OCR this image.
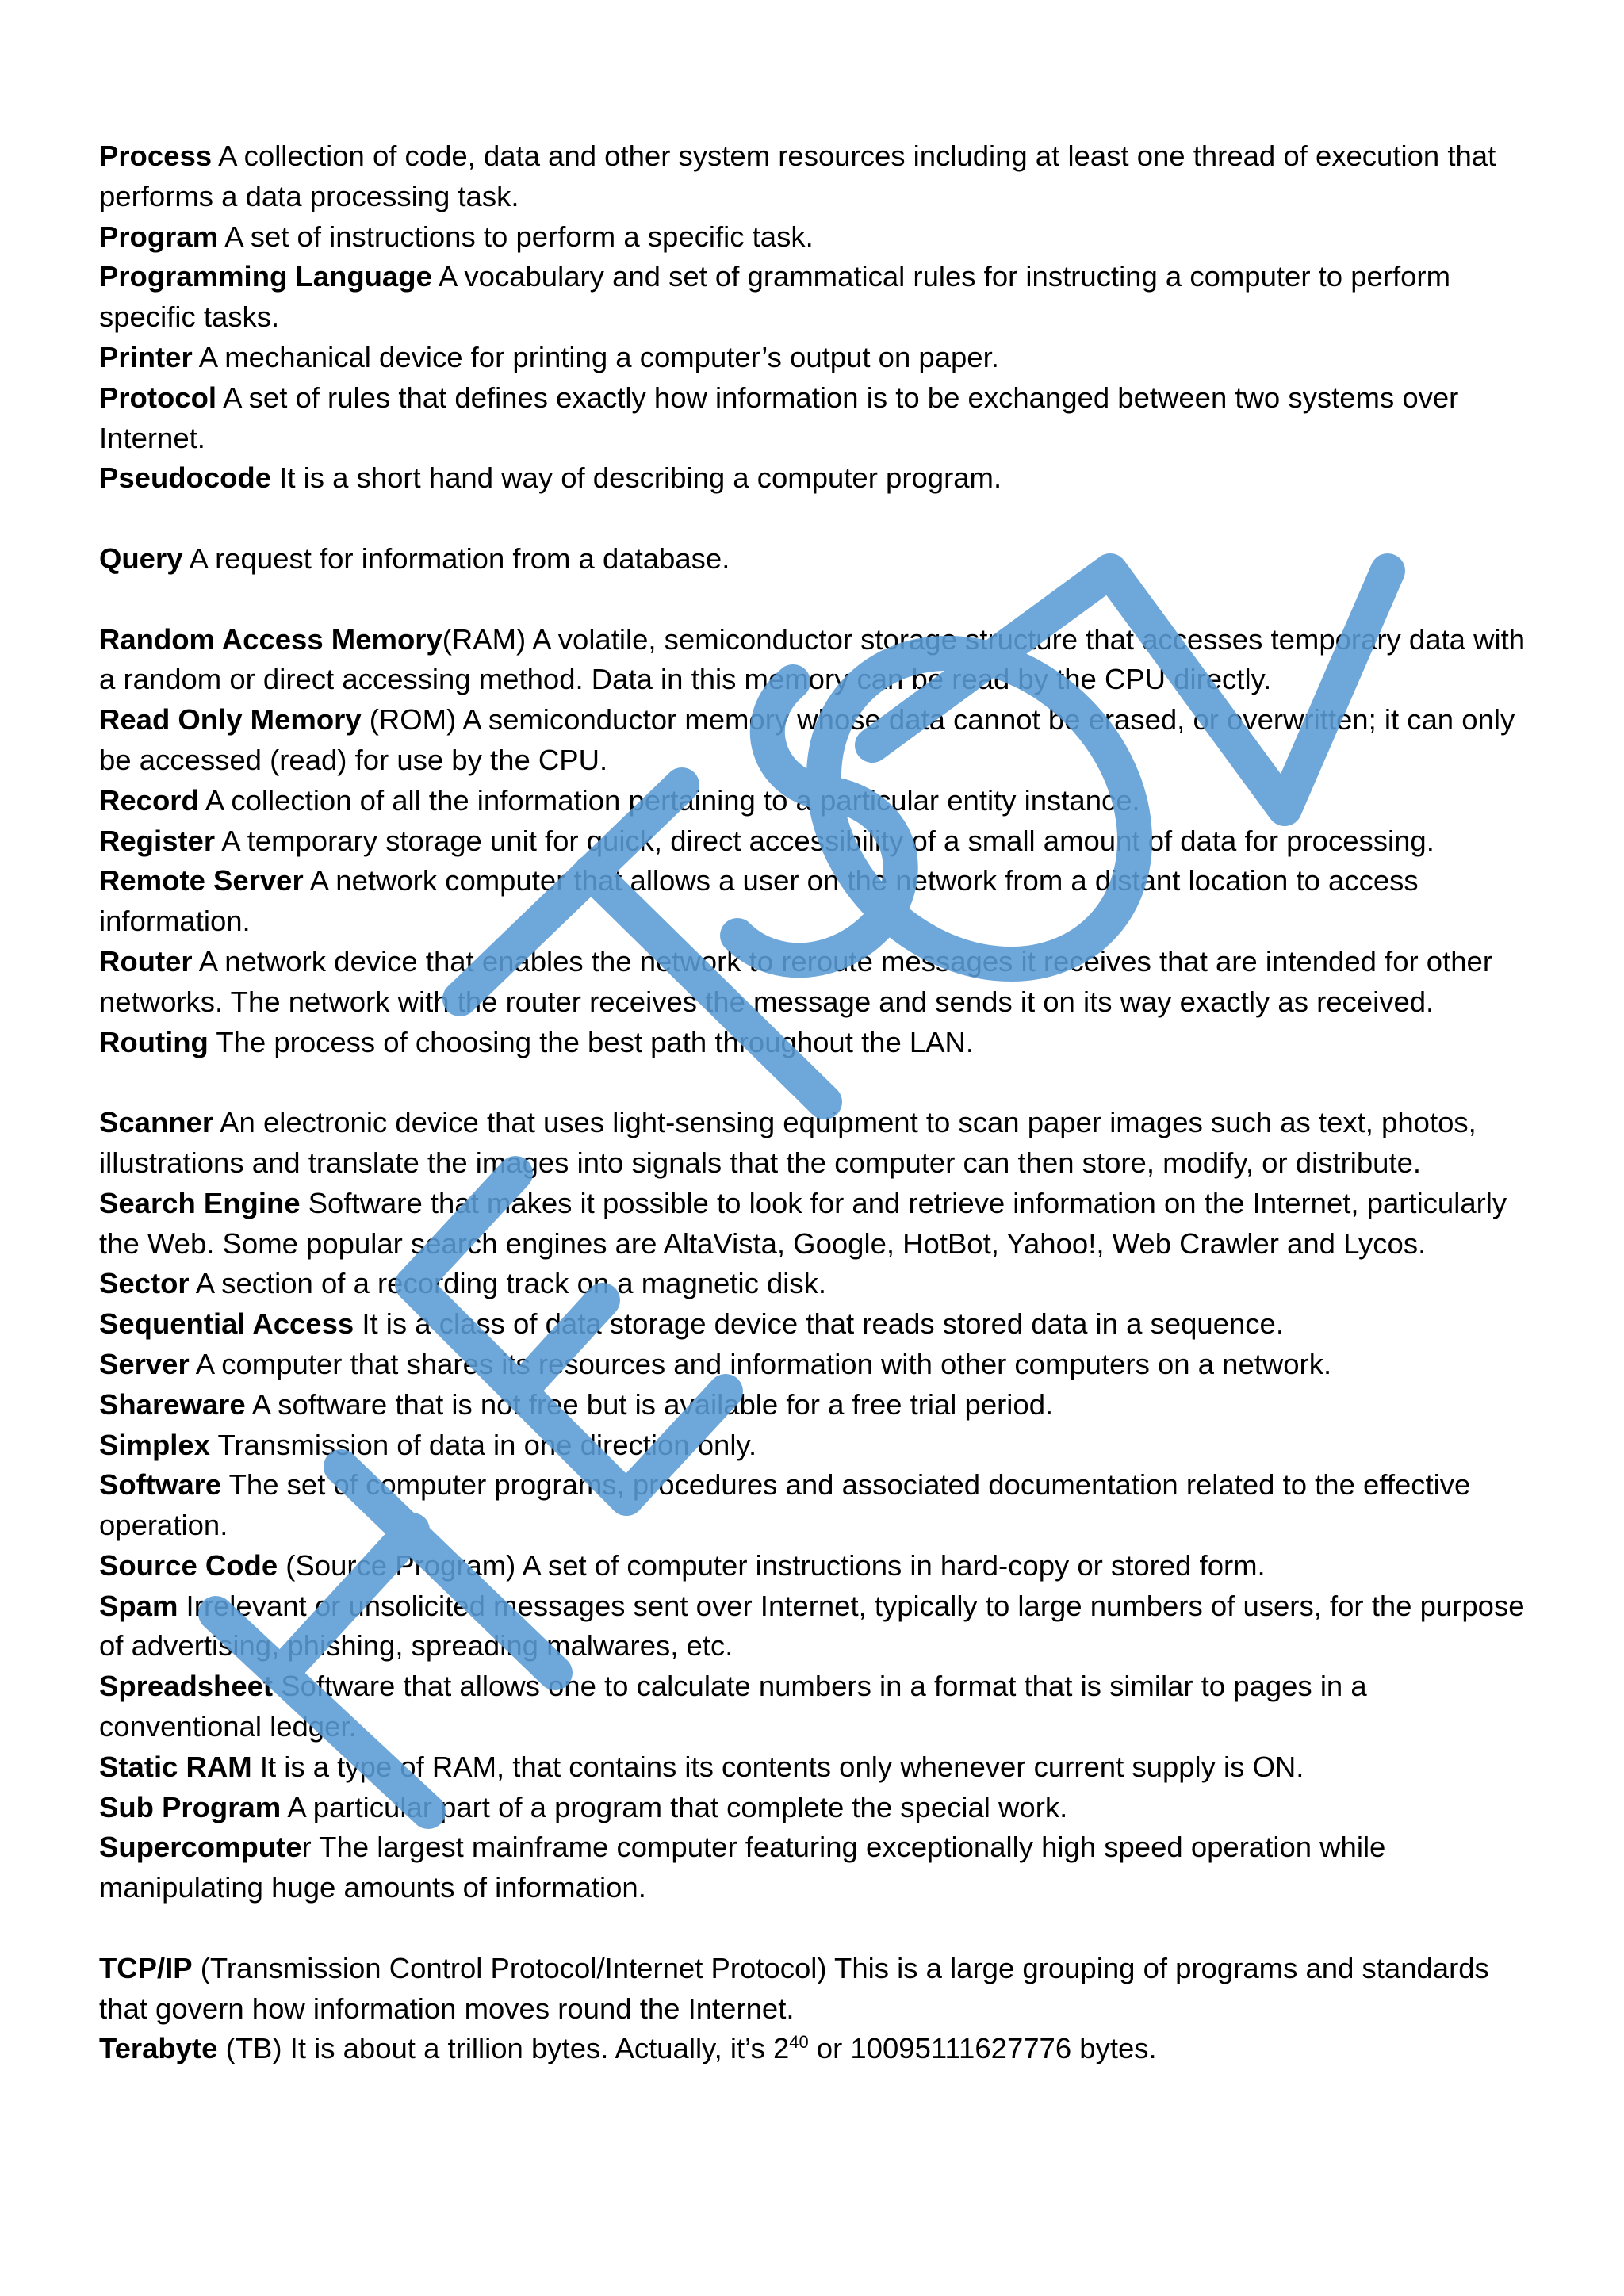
Process A collection of code, data and other system resources including at least one thread of execution that performs a data processing task.

Program A set of instructions to perform a specific task.

Programming Language A vocabulary and set of grammatical rules for instructing a computer to perform specific tasks.

Printer A mechanical device for printing a computer’s output on paper.

Protocol A set of rules that defines exactly how information is to be exchanged between two systems over Internet.

Pseudocode It is a short hand way of describing a computer program.

Query A request for information from a database.

Random Access Memory(RAM) A volatile, semiconductor storage structure that accesses temporary data with a random or direct accessing method. Data in this memory can be read by the CPU directly.

Read Only Memory (ROM) A semiconductor memory whose data cannot be erased, or overwritten; it can only be accessed (read) for use by the CPU.

Record A collection of all the information pertaining to a particular entity instance.

Register A temporary storage unit for quick, direct accessibility of a small amount of data for processing.

Remote Server A network computer that allows a user on the network from a distant location to access information.

Router A network device that enables the network to reroute messages it receives that are intended for other networks. The network with the router receives the message and sends it on its way exactly as received.

Routing The process of choosing the best path throughout the LAN.

Scanner An electronic device that uses light-sensing equipment to scan paper images such as text, photos, illustrations and translate the images into signals that the computer can then store, modify, or distribute.

Search Engine Software that makes it possible to look for and retrieve information on the Internet, particularly the Web. Some popular search engines are AltaVista, Google, HotBot, Yahoo!, Web Crawler and Lycos.

Sector A section of a recording track on a magnetic disk.

Sequential Access It is a class of data storage device that reads stored data in a sequence.

Server A computer that shares its resources and information with other computers on a network.

Shareware A software that is not free but is available for a free trial period.

Simplex Transmission of data in one direction only.

Software The set of computer programs, procedures and associated documentation related to the effective operation.

Source Code (Source Program) A set of computer instructions in hard-copy or stored form.

Spam Irrelevant or unsolicited messages sent over Internet, typically to large numbers of users, for the purpose of advertising, phishing, spreading malwares, etc.

Spreadsheet Software that allows one to calculate numbers in a format that is similar to pages in a conventional ledger.

Static RAM It is a type of RAM, that contains its contents only whenever current supply is ON.

Sub Program A particular part of a program that complete the special work.

Supercomputer The largest mainframe computer featuring exceptionally high speed operation while manipulating huge amounts of information.

TCP/IP (Transmission Control Protocol/Internet Protocol) This is a large grouping of programs and standards that govern how information moves round the Internet.

Terabyte (TB) It is about a trillion bytes. Actually, it’s $2^{40}$ or 10095111627776 bytes.
